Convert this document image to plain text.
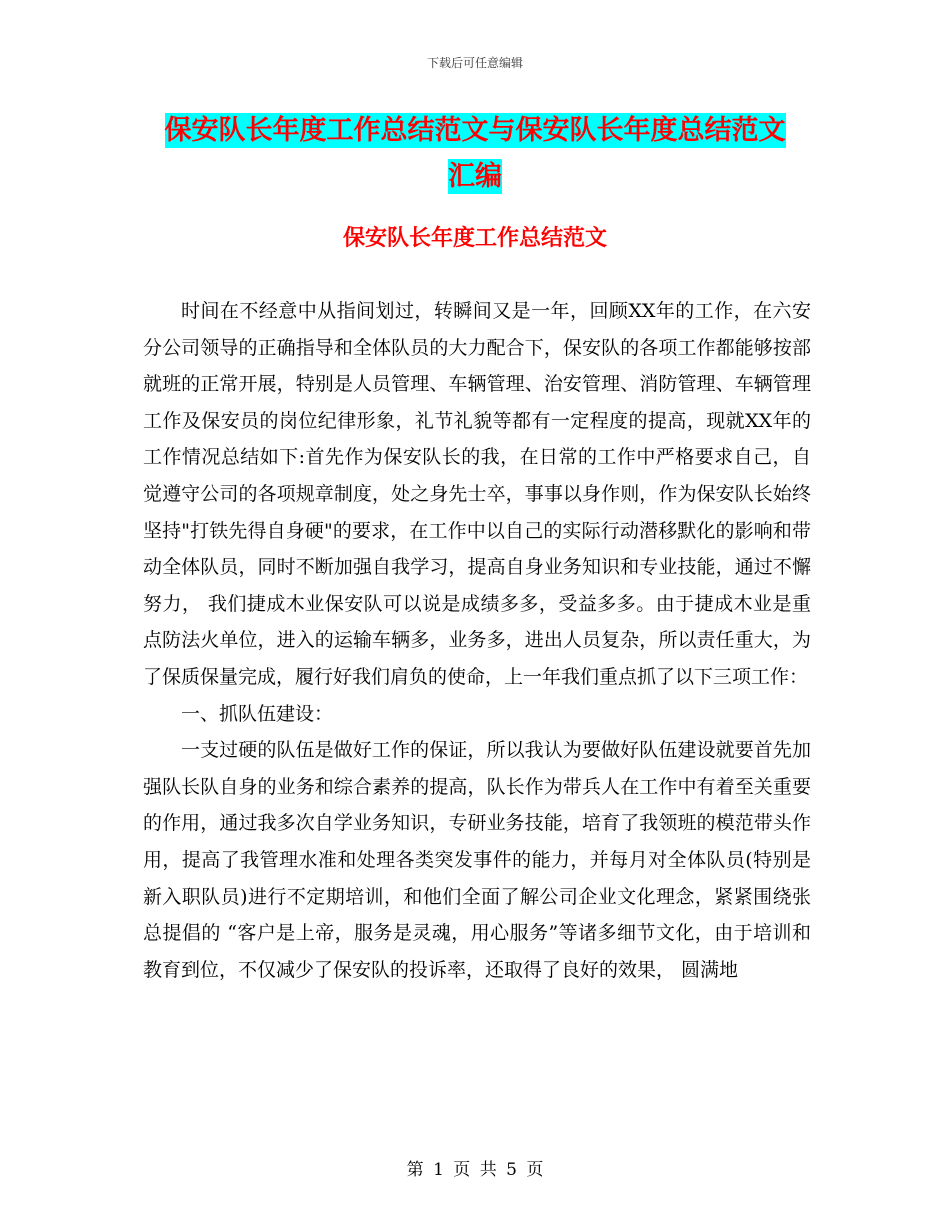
下载后可任意编辑
保安队长年度工作总结范文与保安队长年度总结范文
汇编
保安队长年度工作总结范文

时间在不经意中从指间划过，转瞬间又是一年，回顾XX年的工作，在六安分公司领导的正确指导和全体队员的大力配合下，保安队的各项工作都能够按部就班的正常开展，特别是人员管理、车辆管理、治安管理、消防管理、车辆管理工作及保安员的岗位纪律形象，礼节礼貌等都有一定程度的提高，现就XX年的工作情况总结如下:首先作为保安队长的我，在日常的工作中严格要求自己，自觉遵守公司的各项规章制度，处之身先士卒，事事以身作则，作为保安队长始终坚持"打铁先得自身硬"的要求，在工作中以自己的实际行动潜移默化的影响和带动全体队员，同时不断加强自我学习，提高自身业务知识和专业技能，通过不懈努力， 我们捷成木业保安队可以说是成绩多多，受益多多。由于捷成木业是重点防法火单位，进入的运输车辆多，业务多，进出人员复杂，所以责任重大，为了保质保量完成，履行好我们肩负的使命，上一年我们重点抓了以下三项工作：

一、抓队伍建设：

一支过硬的队伍是做好工作的保证，所以我认为要做好队伍建设就要首先加强队长队自身的业务和综合素养的提高，队长作为带兵人在工作中有着至关重要的作用，通过我多次自学业务知识，专研业务技能，培育了我领班的模范带头作用，提高了我管理水准和处理各类突发事件的能力，并每月对全体队员(特别是新入职队员)进行不定期培训，和他们全面了解公司企业文化理念，紧紧围绕张总提倡的 “客户是上帝，服务是灵魂，用心服务”等诸多细节文化，由于培训和教育到位，不仅减少了保安队的投诉率，还取得了良好的效果， 圆满地

第 1 页 共 5 页
